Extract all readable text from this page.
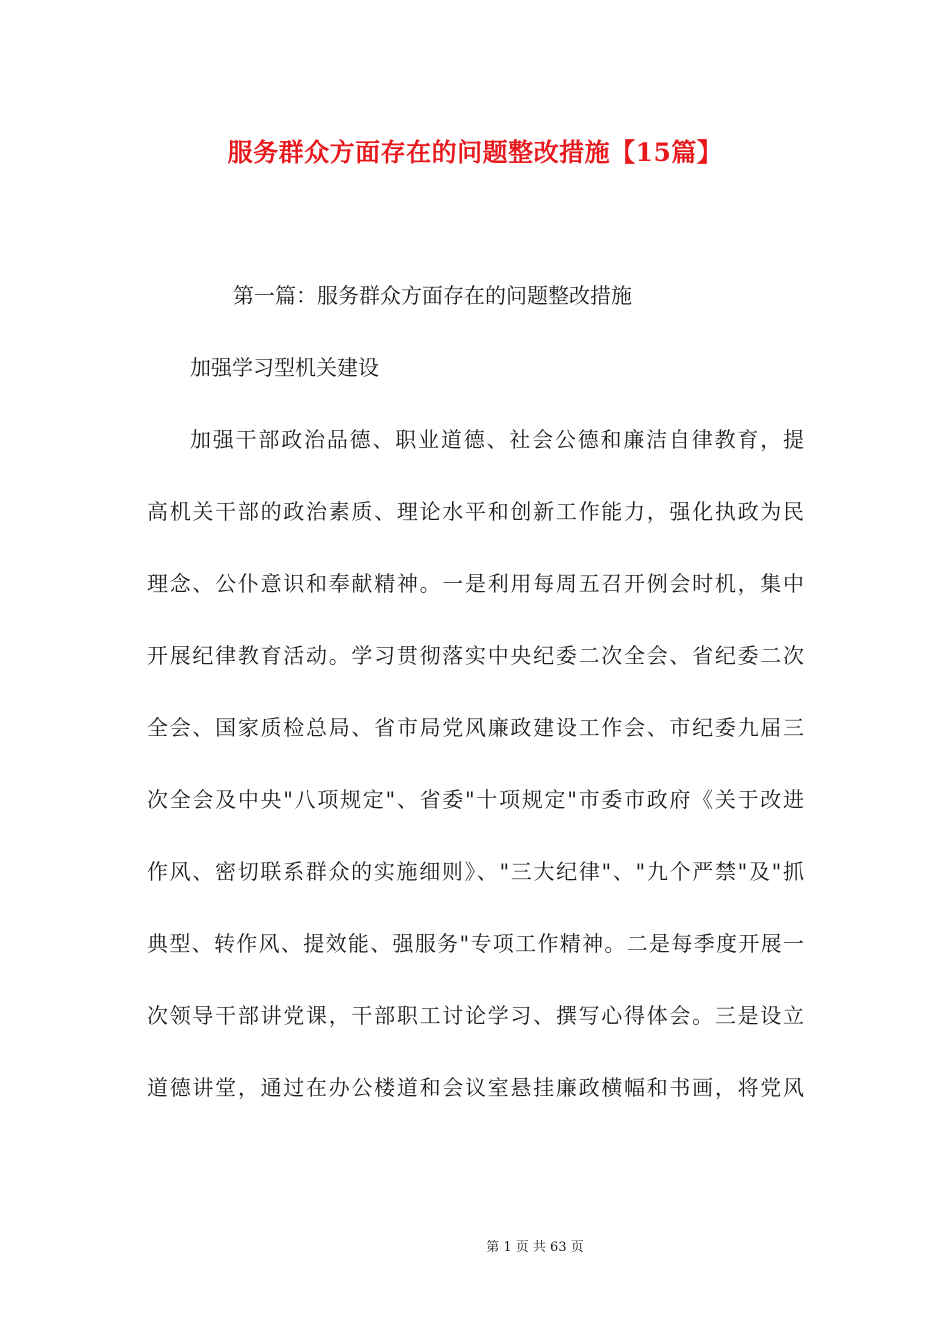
服务群众方面存在的问题整改措施【15篇】
第一篇：服务群众方面存在的问题整改措施
加强学习型机关建设
加强干部政治品德、职业道德、社会公德和廉洁自律教育，提
高机关干部的政治素质、理论水平和创新工作能力，强化执政为民
理念、公仆意识和奉献精神。一是利用每周五召开例会时机，集中
开展纪律教育活动。学习贯彻落实中央纪委二次全会、省纪委二次
全会、国家质检总局、省市局党风廉政建设工作会、市纪委九届三
次全会及中央"八项规定"、省委"十项规定"市委市政府《关于改进
作风、密切联系群众的实施细则》、"三大纪律"、"九个严禁"及"抓
典型、转作风、提效能、强服务"专项工作精神。二是每季度开展一
次领导干部讲党课，干部职工讨论学习、撰写心得体会。三是设立
道德讲堂，通过在办公楼道和会议室悬挂廉政横幅和书画，将党风
第 1 页 共 63 页
